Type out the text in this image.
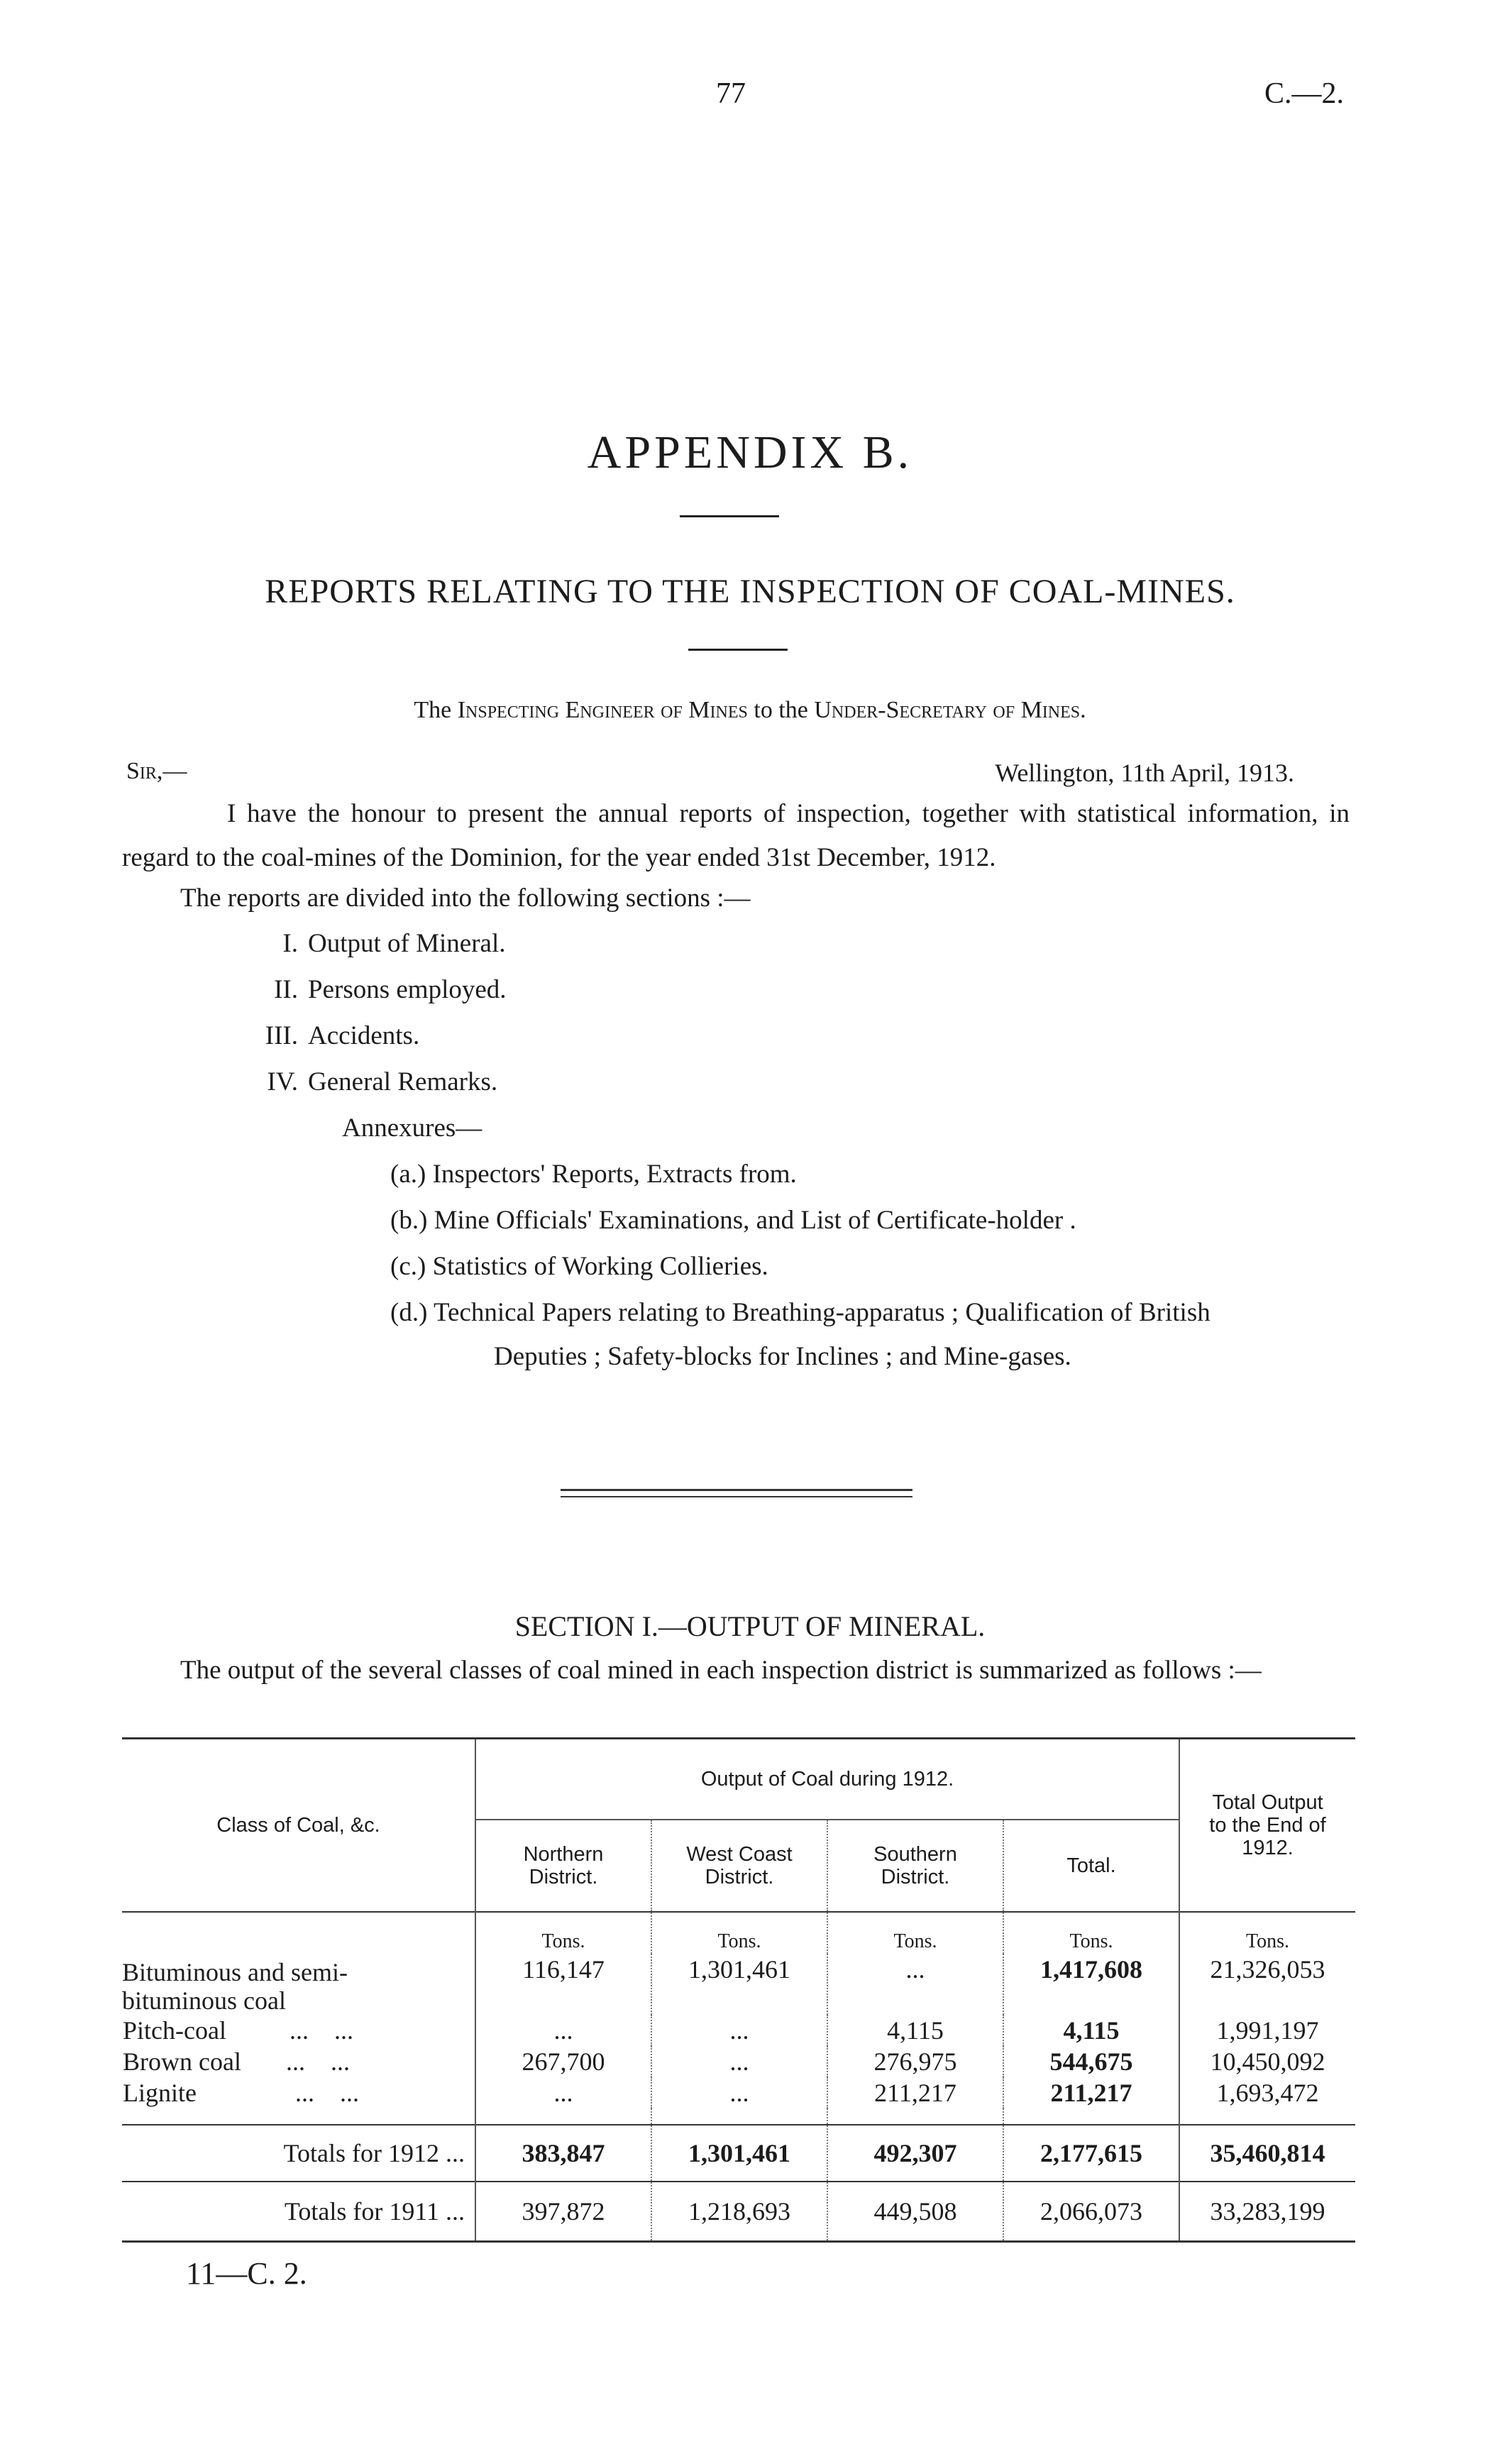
77	C.—2.
APPENDIX B.
REPORTS RELATING TO THE INSPECTION OF COAL-MINES.
The Inspecting Engineer of Mines to the Under-Secretary of Mines.
Sir,—	Wellington, 11th April, 1913.
I have the honour to present the annual reports of inspection, together with statistical information, in regard to the coal-mines of the Dominion, for the year ended 31st December, 1912.
The reports are divided into the following sections :—
I. Output of Mineral.
II. Persons employed.
III. Accidents.
IV. General Remarks.
Annexures—
(a.) Inspectors' Reports, Extracts from.
(b.) Mine Officials' Examinations, and List of Certificate-holder .
(c.) Statistics of Working Collieries.
(d.) Technical Papers relating to Breathing-apparatus ; Qualification of British
Deputies ; Safety-blocks for Inclines ; and Mine-gases.
SECTION I.—OUTPUT OF MINERAL.
The output of the several classes of coal mined in each inspection district is summarized as follows :—
Class of Coal, &c.	Output of Coal during 1912.				Total Output to the End of 1912.
	Northern District.	West Coast District.	Southern District.	Total.	
	Tons.	Tons.	Tons.	Tons.	Tons.
Bituminous and semi-bituminous coal	116,147	1,301,461	...	1,417,608	21,326,053
Pitch-coal ...    ...	...	...	4,115	4,115	1,991,197
Brown coal ...    ...	267,700	...	276,975	544,675	10,450,092
Lignite ...    ...	...	...	211,217	211,217	1,693,472

Totals for 1912 ...	383,847	1,301,461	492,307	2,177,615	35,460,814
Totals for 1911 ...	397,872	1,218,693	449,508	2,066,073	33,283,199
11—C. 2.
